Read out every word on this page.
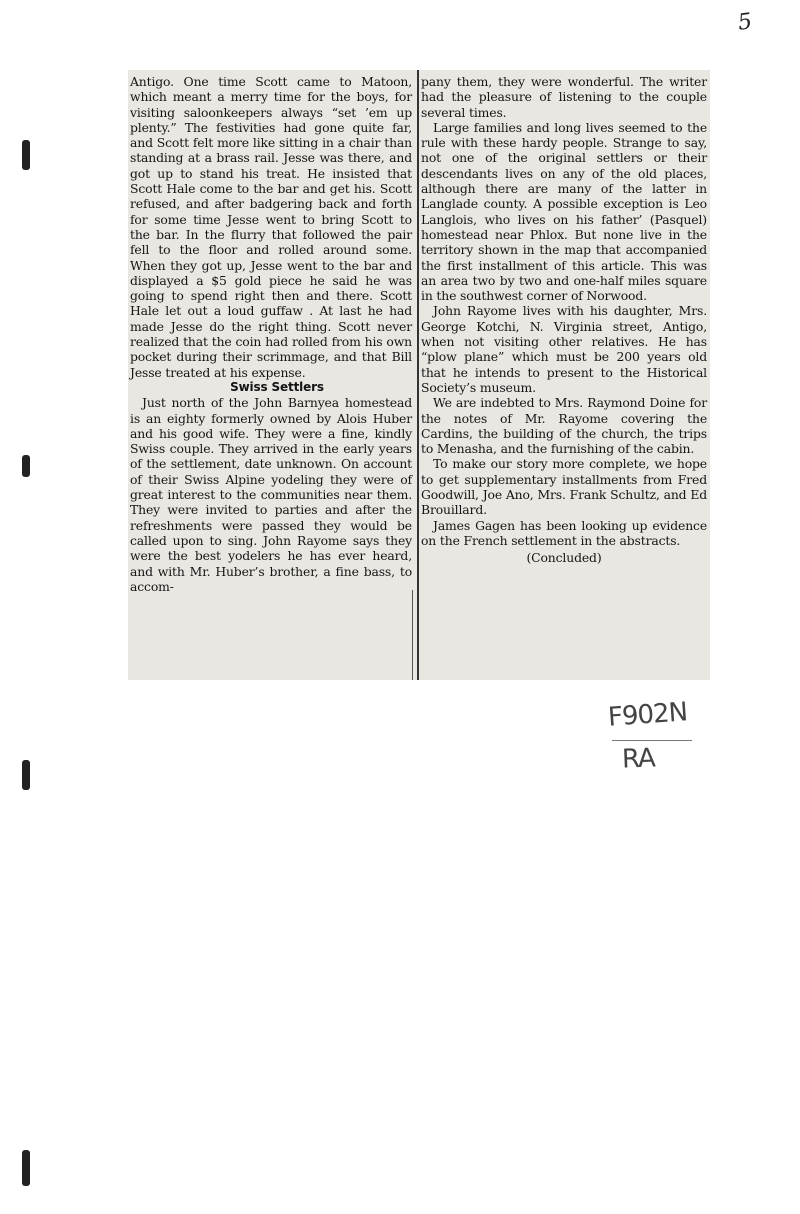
5

Antigo. One time Scott came to Matoon, which meant a merry time for the boys, for visiting saloonkeepers always “set ’em up plenty.” The festivities had gone quite far, and Scott felt more like sitting in a chair than standing at a brass rail. Jesse was there, and got up to stand his treat. He insisted that Scott Hale come to the bar and get his. Scott refused, and after badgering back and forth for some time Jesse went to bring Scott to the bar. In the flurry that followed the pair fell to the floor and rolled around some. When they got up, Jesse went to the bar and displayed a $5 gold piece he said he was going to spend right then and there. Scott Hale let out a loud guffaw . At last he had made Jesse do the right thing. Scott never realized that the coin had rolled from his own pocket during their scrimmage, and that Bill Jesse treated at his expense.

Swiss Settlers

Just north of the John Barnyea homestead is an eighty formerly owned by Alois Huber and his good wife. They were a fine, kindly Swiss couple. They arrived in the early years of the settlement, date unknown. On account of their Swiss Alpine yodeling they were of great interest to the communities near them. They were invited to parties and after the refreshments were passed they would be called upon to sing. John Rayome says they were the best yodelers he has ever heard, and with Mr. Huber’s brother, a fine bass, to accom-

pany them, they were wonderful. The writer had the pleasure of listening to the couple several times.

Large families and long lives seemed to the rule with these hardy people. Strange to say, not one of the original settlers or their descendants lives on any of the old places, although there are many of the latter in Langlade county. A possible exception is Leo Langlois, who lives on his father’ (Pasquel) homestead near Phlox. But none live in the territory shown in the map that accompanied the first installment of this article. This was an area two by two and one-half miles square in the southwest corner of Norwood.

John Rayome lives with his daughter, Mrs. George Kotchi, N. Virginia street, Antigo, when not visiting other relatives. He has “plow plane” which must be 200 years old that he intends to present to the Historical Society’s museum.

We are indebted to Mrs. Raymond Doine for the notes of Mr. Rayome covering the Cardins, the building of the church, the trips to Menasha, and the furnishing of the cabin.

To make our story more complete, we hope to get supplementary installments from Fred Goodwill, Joe Ano, Mrs. Frank Schultz, and Ed Brouillard.

James Gagen has been looking up evidence on the French settlement in the abstracts.

(Concluded)

F902N
RA
